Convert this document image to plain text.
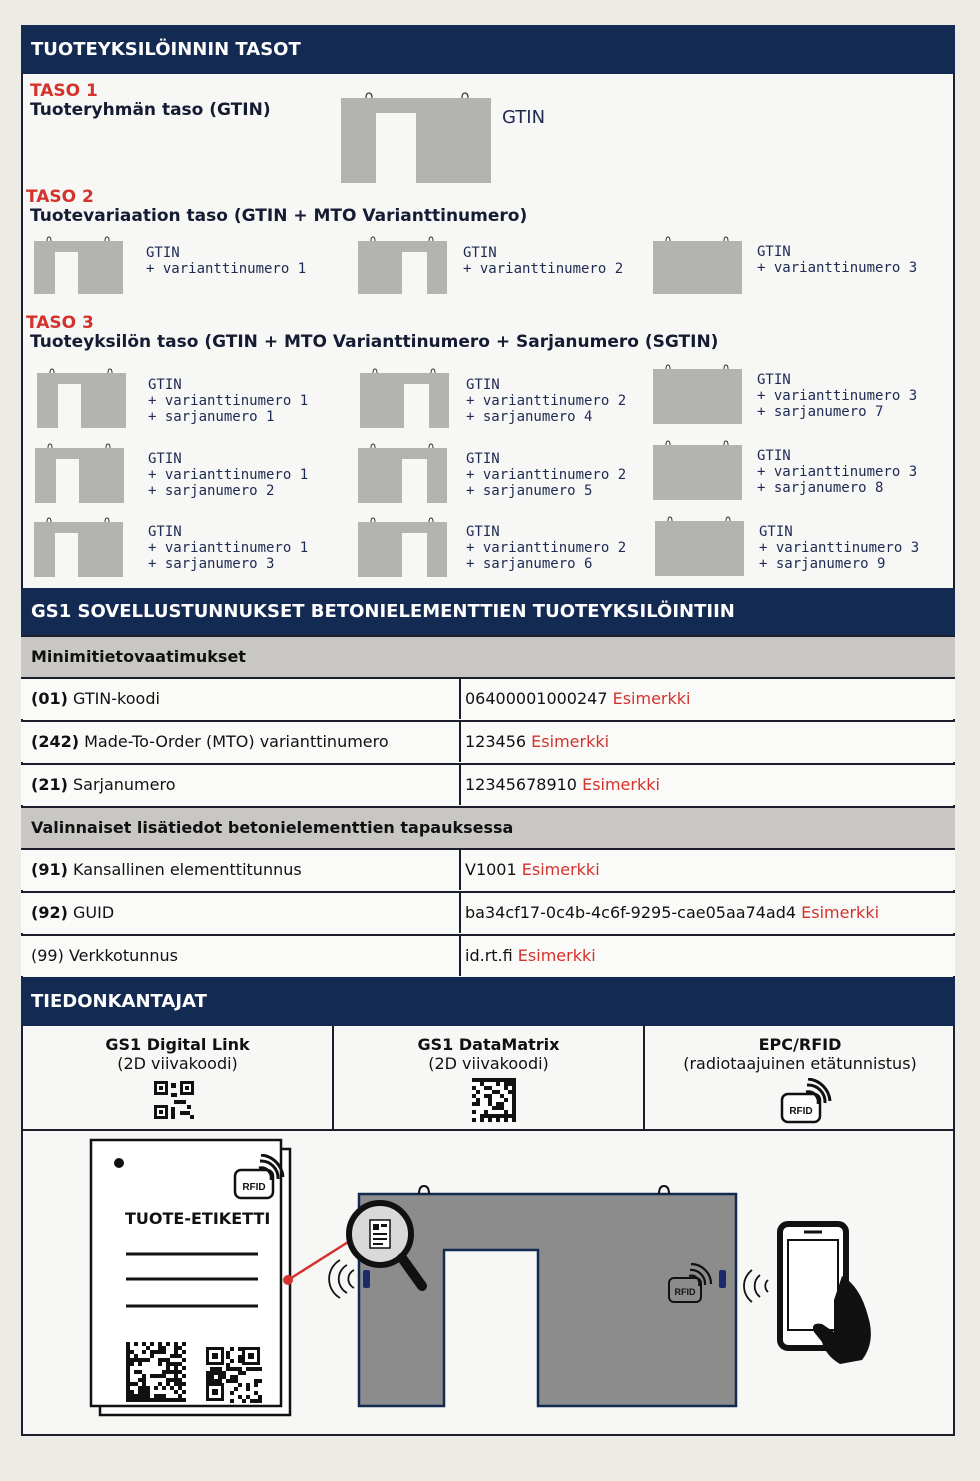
TUOTEYKSILÖINNIN TASOT
TASO 1
Tuoteryhmän taso (GTIN)	GTIN
TASO 2
Tuotevariaation taso (GTIN + MTO Varianttinumero)
GTIN
+ varianttinumero 1
GTIN
+ varianttinumero 2
GTIN
+ varianttinumero 3
TASO 3
Tuoteyksilön taso (GTIN + MTO Varianttinumero + Sarjanumero (SGTIN)
GTIN
+ varianttinumero 1
+ sarjanumero 1
GTIN
+ varianttinumero 2
+ sarjanumero 4
GTIN
+ varianttinumero 3
+ sarjanumero 7
GTIN
+ varianttinumero 1
+ sarjanumero 2
GTIN
+ varianttinumero 2
+ sarjanumero 5
GTIN
+ varianttinumero 3
+ sarjanumero 8
GTIN
+ varianttinumero 1
+ sarjanumero 3
GTIN
+ varianttinumero 2
+ sarjanumero 6
GTIN
+ varianttinumero 3
+ sarjanumero 9
GS1 SOVELLUSTUNNUKSET BETONIELEMENTTIEN TUOTEYKSILÖINTIIN
Minimitietovaatimukset
(01) GTIN-koodi	06400001000247 Esimerkki
(242) Made-To-Order (MTO) varianttinumero	123456 Esimerkki
(21) Sarjanumero	12345678910 Esimerkki
Valinnaiset lisätiedot betonielementtien tapauksessa
(91) Kansallinen elementtitunnus	V1001 Esimerkki
(92) GUID	ba34cf17-0c4b-4c6f-9295-cae05aa74ad4 Esimerkki
(99) Verkkotunnus	id.rt.fi Esimerkki
TIEDONKANTAJAT
GS1 Digital Link
(2D viivakoodi)
GS1 DataMatrix
(2D viivakoodi)
EPC/RFID
(radiotaajuinen etätunnistus)
RFID
TUOTE-ETIKETTI
RFID
RFID
